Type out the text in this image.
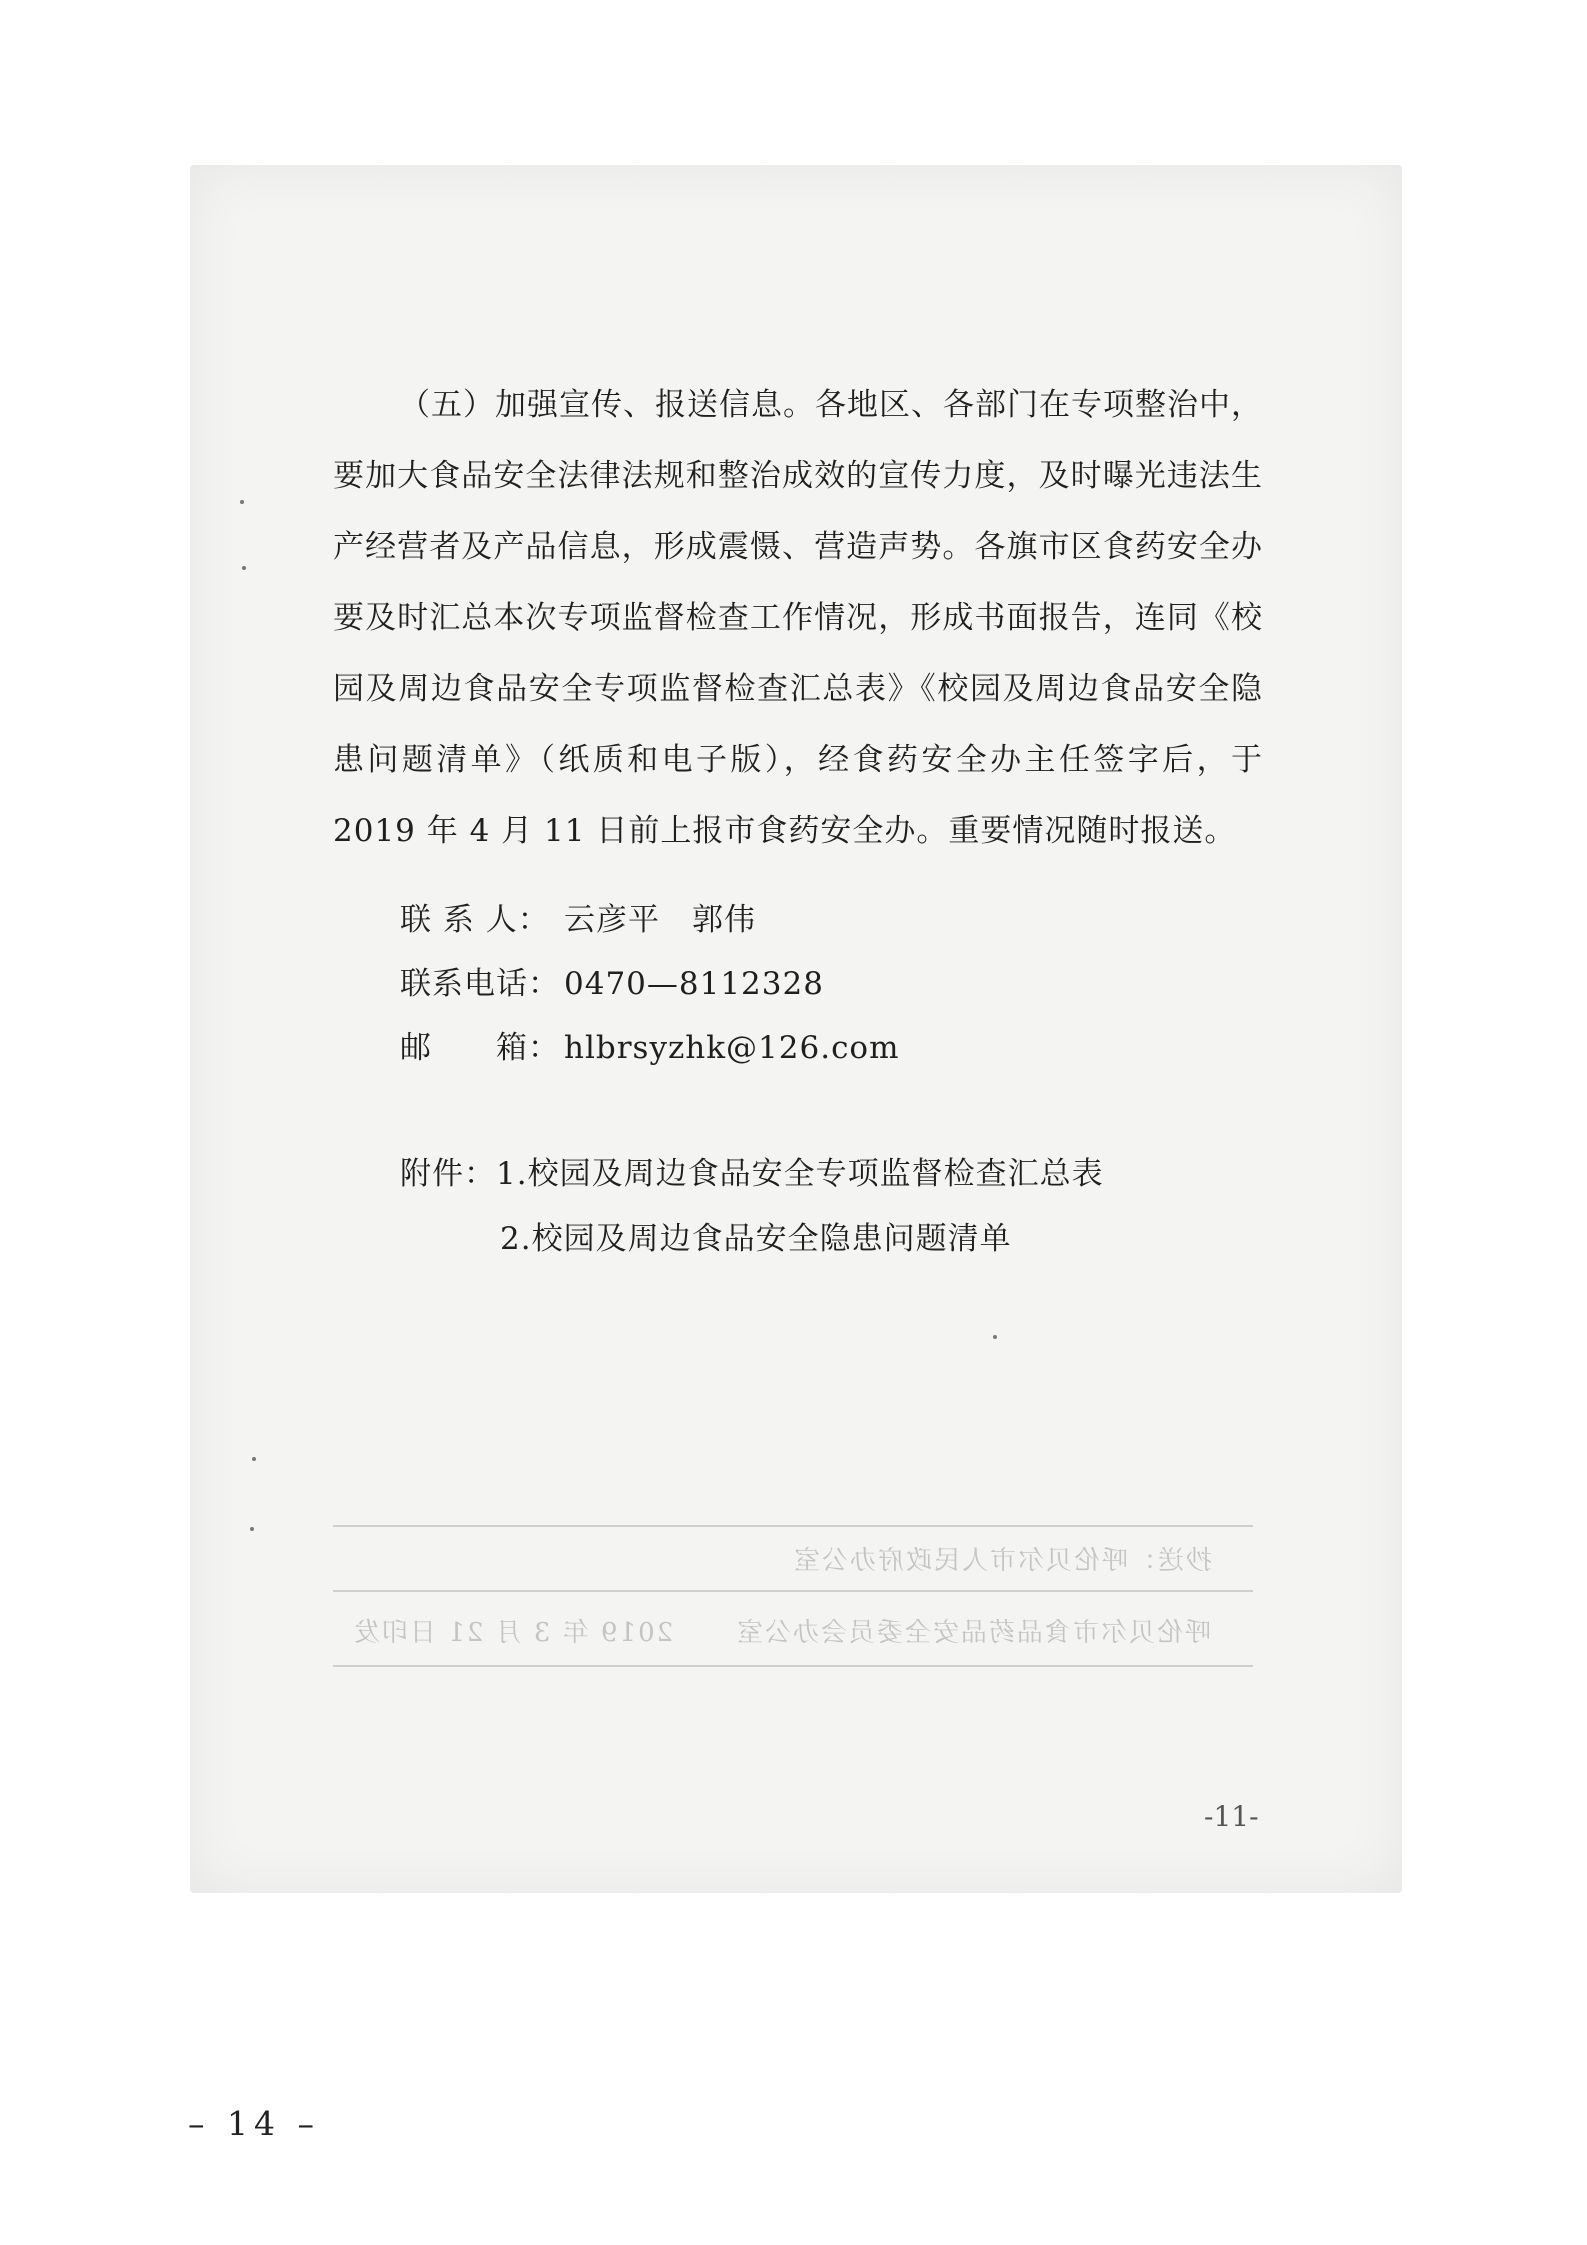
（五）加强宣传、报送信息。各地区、各部门在专项整治中，要加大食品安全法律法规和整治成效的宣传力度，及时曝光违法生产经营者及产品信息，形成震慑、营造声势。各旗市区食药安全办要及时汇总本次专项监督检查工作情况，形成书面报告，连同《校园及周边食品安全专项监督检查汇总表》《校园及周边食品安全隐患问题清单》（纸质和电子版），经食药安全办主任签字后，于 2019 年 4 月 11 日前上报市食药安全办。重要情况随时报送。
联 系 人： 云彦平　郭伟
联系电话： 0470—8112328
邮　　箱： hlbrsyzhk@126.com
附件：1.校园及周边食品安全专项监督检查汇总表
2.校园及周边食品安全隐患问题清单
抄送：呼伦贝尔市人民政府办公室
呼伦贝尔市食品药品安全委员会办公室
2019 年 3 月 21 日印发
-11-
– 14 –
